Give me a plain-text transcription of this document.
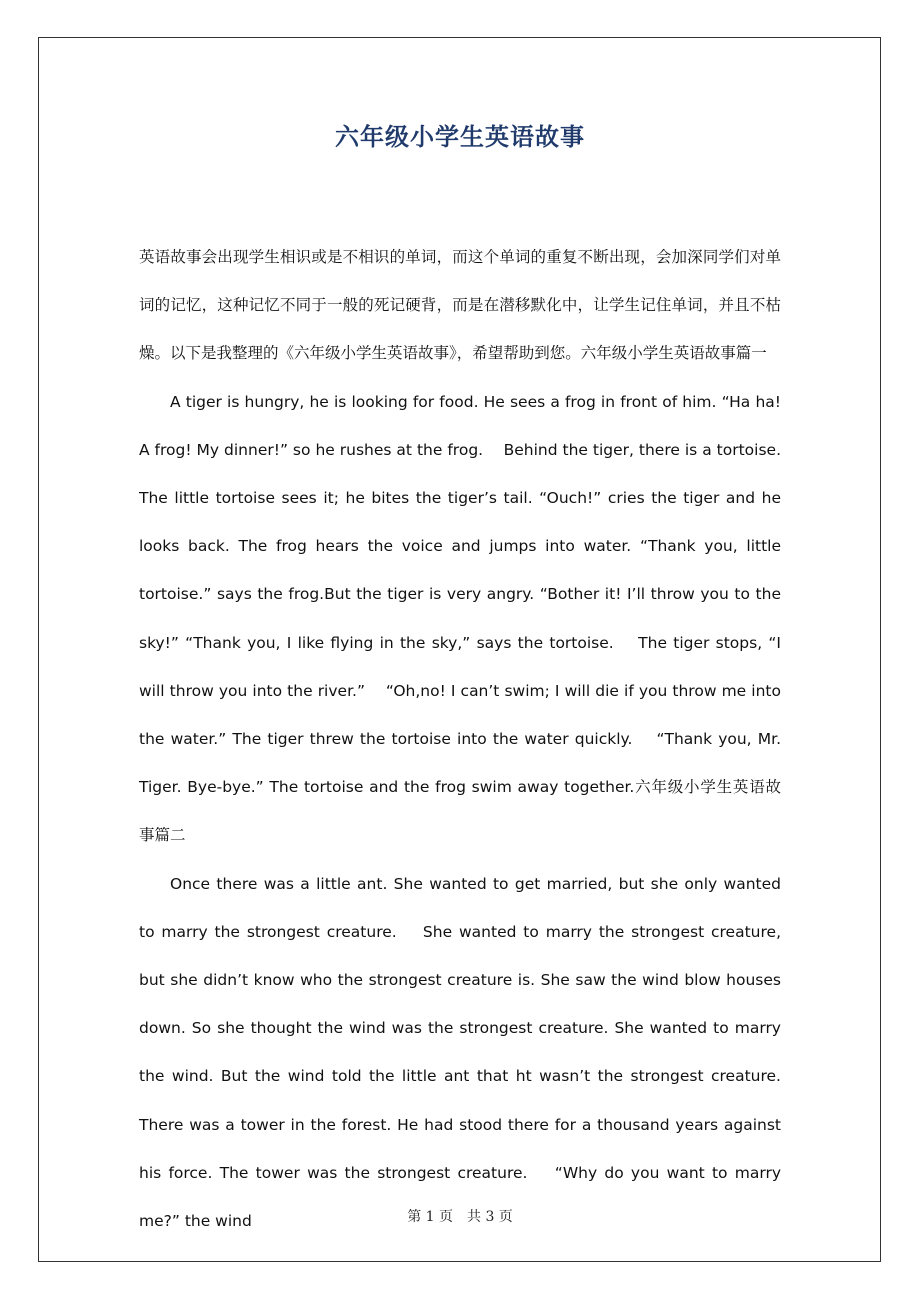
六年级小学生英语故事

英语故事会出现学生相识或是不相识的单词，而这个单词的重复不断出现，会加深同学们对单词的记忆，这种记忆不同于一般的死记硬背，而是在潜移默化中，让学生记住单词，并且不枯燥。以下是我整理的《六年级小学生英语故事》，希望帮助到您。六年级小学生英语故事篇一

A tiger is hungry, he is looking for food. He sees a frog in front of him. “Ha ha! A frog! My dinner!” so he rushes at the frog.　 Behind the tiger, there is a tortoise. The little tortoise sees it; he bites the tiger’s tail. “Ouch!” cries the tiger and he looks back. The frog hears the voice and jumps into water. “Thank you, little tortoise.” says the frog.But the tiger is very angry. “Bother it! I’ll throw you to the sky!” “Thank you, I like flying in the sky,” says the tortoise.　 The tiger stops, “I will throw you into the river.”　 “Oh,no! I can’t swim; I will die if you throw me into the water.” The tiger threw the tortoise into the water quickly.　 “Thank you, Mr. Tiger. Bye-bye.” The tortoise and the frog swim away together.六年级小学生英语故事篇二

Once there was a little ant. She wanted to get married, but she only wanted to marry the strongest creature.　 She wanted to marry the strongest creature, but she didn’t know who the strongest creature is. She saw the wind blow houses down. So she thought the wind was the strongest creature. She wanted to marry the wind. But the wind told the little ant that ht wasn’t the strongest creature. There was a tower in the forest. He had stood there for a thousand years against his force. The tower was the strongest creature.　 “Why do you want to marry me?” the wind	第 1 页　共 3 页
